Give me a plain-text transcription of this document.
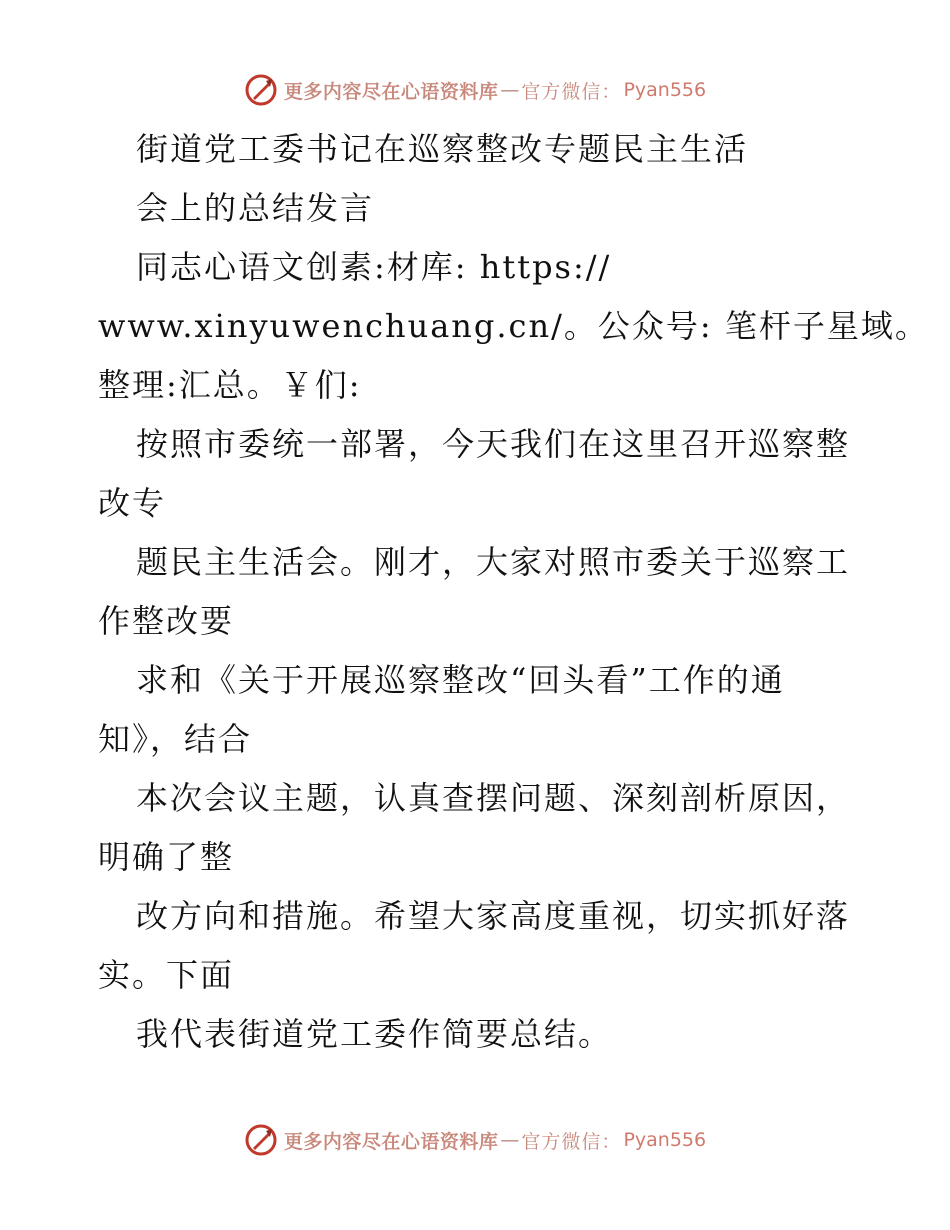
更多内容尽在心语资料库 — 官方微信： Pyan556
街道党工委书记在巡察整改专题民主生活
会上的总结发言
同志心语文创素:材库: https://
www.xinyuwenchuang.cn/。公众号: 笔杆子星域。
整理:汇总。￥们:
按照市委统一部署，今天我们在这里召开巡察整
改专
题民主生活会。刚才，大家对照市委关于巡察工
作整改要
求和《关于开展巡察整改“回头看”工作的通
知》，结合
本次会议主题，认真查摆问题、深刻剖析原因，
明确了整
改方向和措施。希望大家高度重视，切实抓好落
实。下面
我代表街道党工委作简要总结。
更多内容尽在心语资料库 — 官方微信： Pyan556
